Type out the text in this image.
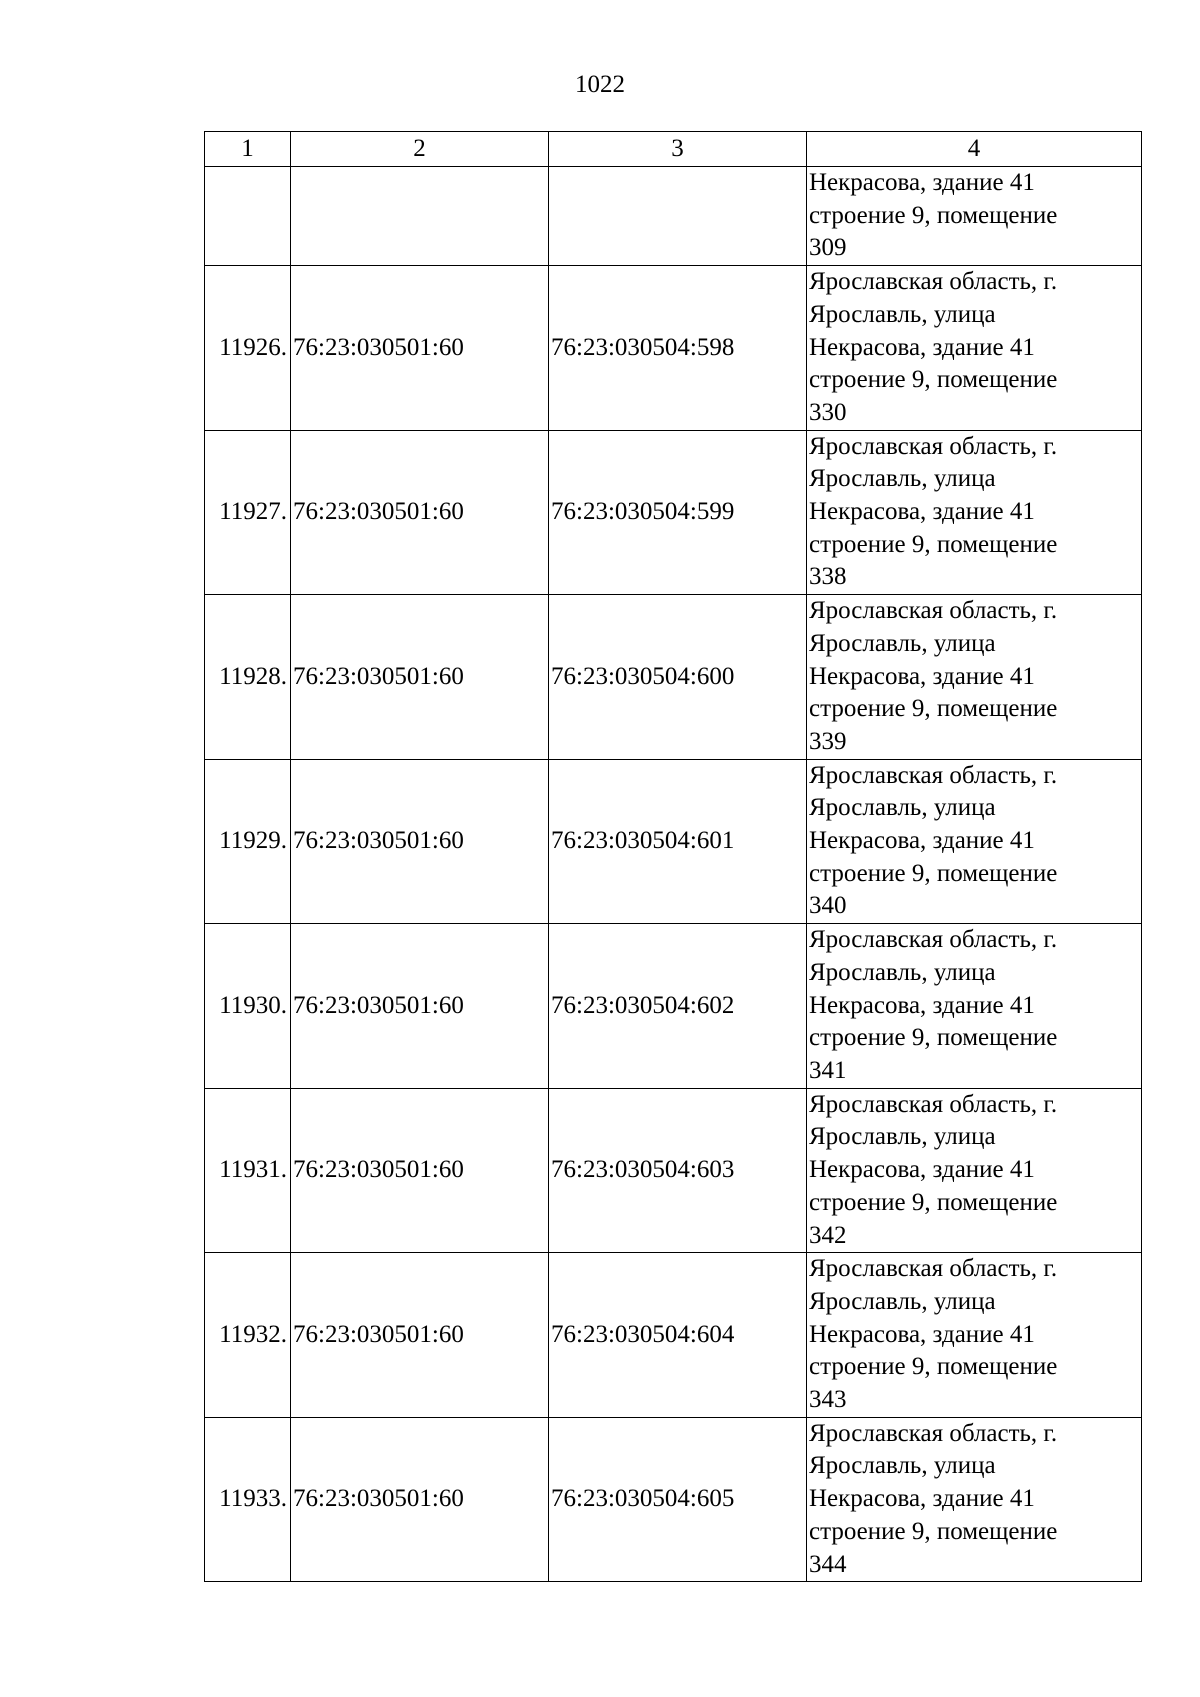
1022
1	2	3	4

			Некрасова, здание 41
строение 9, помещение
309

11926.	76:23:030501:60	76:23:030504:598	Ярославская область, г.
Ярославль, улица
Некрасова, здание 41
строение 9, помещение
330

11927.	76:23:030501:60	76:23:030504:599	Ярославская область, г.
Ярославль, улица
Некрасова, здание 41
строение 9, помещение
338

11928.	76:23:030501:60	76:23:030504:600	Ярославская область, г.
Ярославль, улица
Некрасова, здание 41
строение 9, помещение
339

11929.	76:23:030501:60	76:23:030504:601	Ярославская область, г.
Ярославль, улица
Некрасова, здание 41
строение 9, помещение
340

11930.	76:23:030501:60	76:23:030504:602	Ярославская область, г.
Ярославль, улица
Некрасова, здание 41
строение 9, помещение
341

11931.	76:23:030501:60	76:23:030504:603	Ярославская область, г.
Ярославль, улица
Некрасова, здание 41
строение 9, помещение
342

11932.	76:23:030501:60	76:23:030504:604	Ярославская область, г.
Ярославль, улица
Некрасова, здание 41
строение 9, помещение
343

11933.	76:23:030501:60	76:23:030504:605	Ярославская область, г.
Ярославль, улица
Некрасова, здание 41
строение 9, помещение
344
